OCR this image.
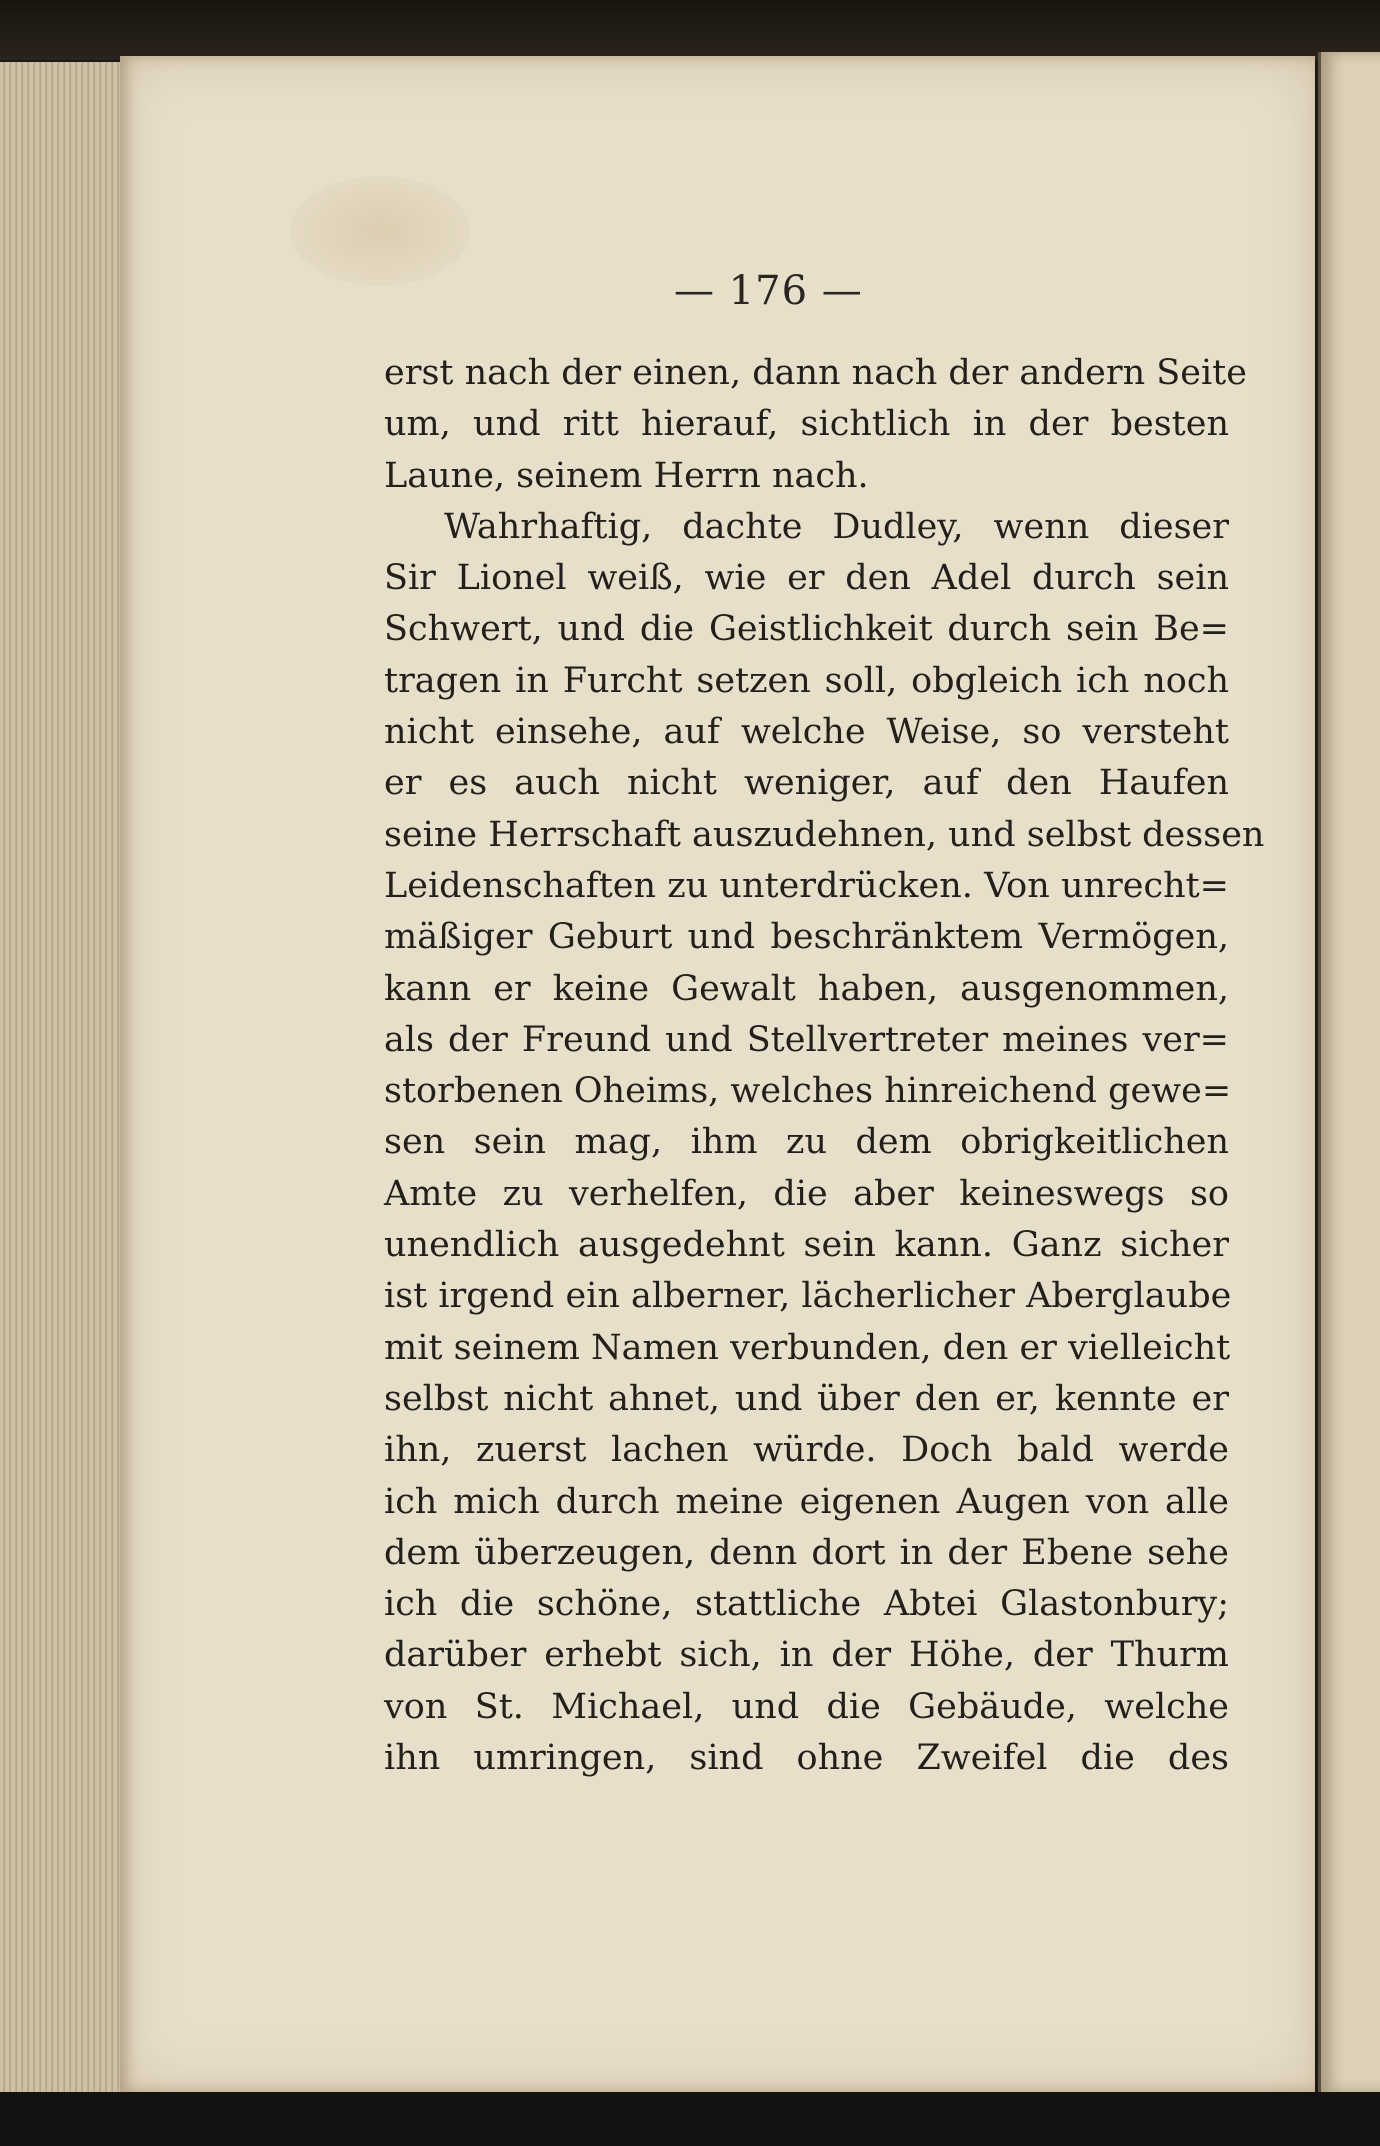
— 176 —
erst nach der einen, dann nach der andern Seite
um, und ritt hierauf, sichtlich in der besten
Laune, seinem Herrn nach.
Wahrhaftig, dachte Dudley, wenn dieser
Sir Lionel weiß, wie er den Adel durch sein
Schwert, und die Geistlichkeit durch sein Be=
tragen in Furcht setzen soll, obgleich ich noch
nicht einsehe, auf welche Weise, so versteht
er es auch nicht weniger, auf den Haufen
seine Herrschaft auszudehnen, und selbst dessen
Leidenschaften zu unterdrücken. Von unrecht=
mäßiger Geburt und beschränktem Vermögen,
kann er keine Gewalt haben, ausgenommen,
als der Freund und Stellvertreter meines ver=
storbenen Oheims, welches hinreichend gewe=
sen sein mag, ihm zu dem obrigkeitlichen
Amte zu verhelfen, die aber keineswegs so
unendlich ausgedehnt sein kann. Ganz sicher
ist irgend ein alberner, lächerlicher Aberglaube
mit seinem Namen verbunden, den er vielleicht
selbst nicht ahnet, und über den er, kennte er
ihn, zuerst lachen würde. Doch bald werde
ich mich durch meine eigenen Augen von alle
dem überzeugen, denn dort in der Ebene sehe
ich die schöne, stattliche Abtei Glastonbury;
darüber erhebt sich, in der Höhe, der Thurm
von St. Michael, und die Gebäude, welche
ihn umringen, sind ohne Zweifel die des
